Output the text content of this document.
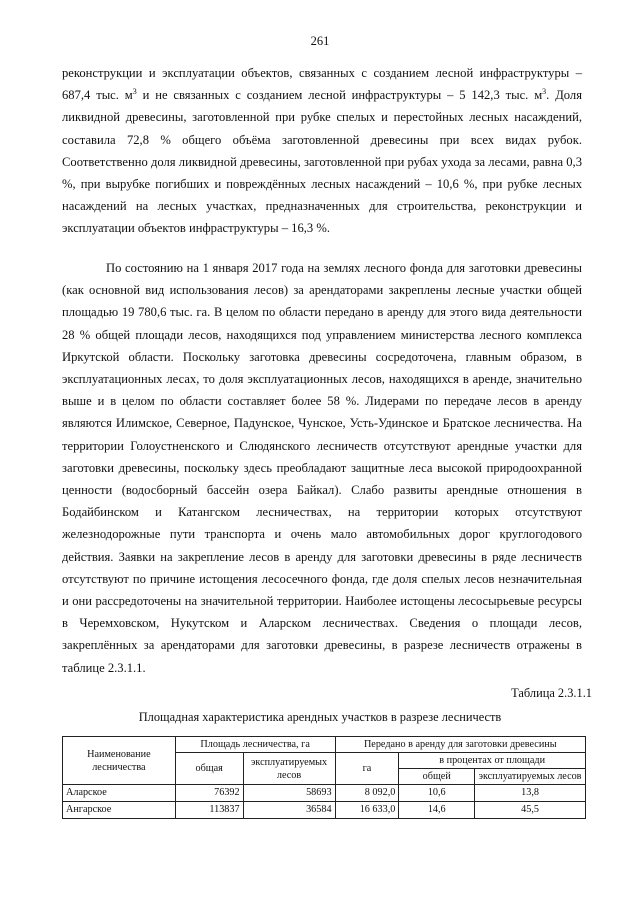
261
реконструкции и эксплуатации объектов, связанных с созданием лесной инфраструктуры – 687,4 тыс. $м^3$ и не связанных с созданием лесной инфраструктуры – 5 142,3 тыс. $м^3$. Доля ликвидной древесины, заготовленной при рубке спелых и перестойных лесных насаждений, составила 72,8 % общего объёма заготовленной древесины при всех видах рубок. Соответственно доля ликвидной древесины, заготовленной при рубах ухода за лесами, равна 0,3 %, при вырубке погибших и повреждённых лесных насаждений – 10,6 %, при рубке лесных насаждений на лесных участках, предназначенных для строительства, реконструкции и эксплуатации объектов инфраструктуры – 16,3 %.
По состоянию на 1 января 2017 года на землях лесного фонда для заготовки древесины (как основной вид использования лесов) за арендаторами закреплены лесные участки общей площадью 19 780,6 тыс. га. В целом по области передано в аренду для этого вида деятельности 28 % общей площади лесов, находящихся под управлением министерства лесного комплекса Иркутской области. Поскольку заготовка древесины сосредоточена, главным образом, в эксплуатационных лесах, то доля эксплуатационных лесов, находящихся в аренде, значительно выше и в целом по области составляет более 58 %. Лидерами по передаче лесов в аренду являются Илимское, Северное, Падунское, Чунское, Усть-Удинское и Братское лесничества. На территории Голоустненского и Слюдянского лесничеств отсутствуют арендные участки для заготовки древесины, поскольку здесь преобладают защитные леса высокой природоохранной ценности (водосборный бассейн озера Байкал). Слабо развиты арендные отношения в Бодайбинском и Катангском лесничествах, на территории которых отсутствуют железнодорожные пути транспорта и очень мало автомобильных дорог круглогодового действия. Заявки на закрепление лесов в аренду для заготовки древесины в ряде лесничеств отсутствуют по причине истощения лесосечного фонда, где доля спелых лесов незначительная и они рассредоточены на значительной территории. Наиболее истощены лесосырьевые ресурсы в Черемховском, Нукутском и Аларском лесничествах. Сведения о площади лесов, закреплённых за арендаторами для заготовки древесины, в разрезе лесничеств отражены в таблице 2.3.1.1.
Таблица 2.3.1.1
Площадная характеристика арендных участков в разрезе лесничеств
Наименование лесничества	Площадь лесничества, га		Передано в аренду для заготовки древесины		
	общая	эксплуатируемых лесов	га	в процентах от площади	
				общей	эксплуатируемых лесов
Аларское	76392	58693	8 092,0	10,6	13,8
Ангарское	113837	36584	16 633,0	14,6	45,5
